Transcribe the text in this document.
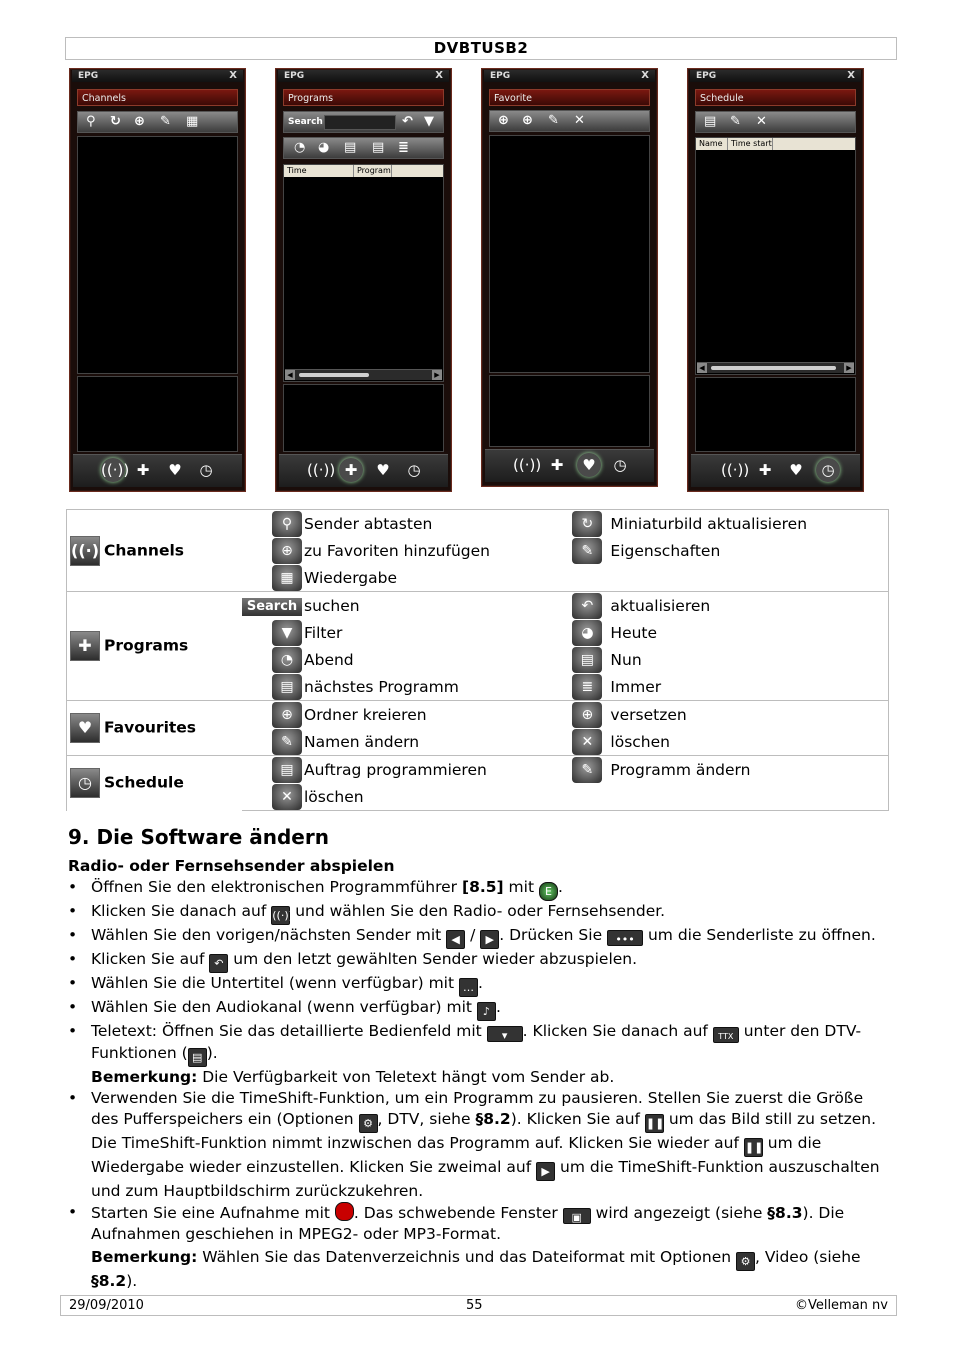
DVBTUSB2
EPG	X
Channels
⚲ ↻ ⊕ ✎ ▦
((·)) ✚	♥	◷
EPG	X
Programs
Search	↶ ▼
◔ ◕ ▤ ▤ ≣
Time	Program
◀	▶
((·)) ✚	♥	◷
EPG	X
Favorite
⊕ ⊕ ✎ ✕
((·)) ✚	♥	◷
EPG	X
Schedule
▤ ✎ ✕
Name	Time start
◀	▶
((·)) ✚	♥	◷
((·))Channels	⚲	Sender abtasten	↻	Miniaturbild aktualisieren
	⊕	zu Favoriten hinzufügen	✎	Eigenschaften
	▦	Wiedergabe		
✚ Programs	Search	suchen	↶	aktualisieren
	▼	Filter	◕	Heute
	◔	Abend	▤	Nun
	▤	nächstes Programm	≣	Immer
♥ Favourites	⊕	Ordner kreieren	⊕	versetzen
	✎	Namen ändern	✕	löschen
◷ Schedule	▤	Auftrag programmieren	✎	Programm ändern
	✕	löschen		
9. Die Software ändern
Radio- oder Fernsehsender abspielen
• Öffnen Sie den elektronischen Programmführer [8.5] mit E .
• Klicken Sie danach auf ((·)) und wählen Sie den Radio- oder Fernsehsender.
• Wählen Sie den vorigen/nächsten Sender mit ◀ / ▶ . Drücken Sie ••• um die Senderliste zu öffnen.
• Klicken Sie auf ↶ um den letzt gewählten Sender wieder abzuspielen.
• Wählen Sie die Untertitel (wenn verfügbar) mit … .
• Wählen Sie den Audiokanal (wenn verfügbar) mit ♪ .
• Teletext: Öffnen Sie das detaillierte Bedienfeld mit ▾ . Klicken Sie danach auf TTX unter den DTV-Funktionen ( ▤ ).
Bemerkung: Die Verfügbarkeit von Teletext hängt vom Sender ab.
• Verwenden Sie die TimeShift-Funktion, um ein Programm zu pausieren. Stellen Sie zuerst die Größe des Pufferspeichers ein (Optionen ⚙ , DTV, siehe §8.2). Klicken Sie auf ❚❚ um das Bild still zu setzen. Die TimeShift-Funktion nimmt inzwischen das Programm auf. Klicken Sie wieder auf ❚❚ um die Wiedergabe wieder einzustellen. Klicken Sie zweimal auf ▶ um die TimeShift-Funktion auszuschalten und zum Hauptbildschirm zurückzukehren.
• Starten Sie eine Aufnahme mit . Das schwebende Fenster ▣ wird angezeigt (siehe §8.3). Die Aufnahmen geschiehen in MPEG2- oder MP3-Format.
Bemerkung: Wählen Sie das Datenverzeichnis und das Dateiformat mit Optionen ⚙ , Video (siehe §8.2).
29/09/2010	55	©Velleman nv
